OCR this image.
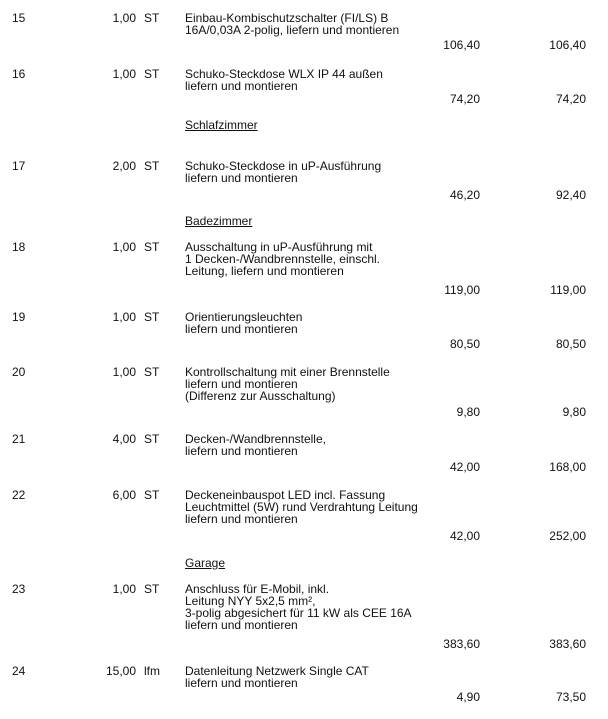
15	1,00 ST Einbau-Kombischutzschalter (FI/LS) B
16A/0,03A 2-polig, liefern und montieren
106,40	106,40
16	1,00 ST Schuko-Steckdose WLX IP 44 außen
liefern und montieren
74,20	74,20
17	2,00 ST Schuko-Steckdose in uP-Ausführung
liefern und montieren
46,20	92,40
18	1,00 ST Ausschaltung in uP-Ausführung mit
1 Decken-/Wandbrennstelle, einschl.
Leitung, liefern und montieren
119,00	119,00
19	1,00 ST Orientierungsleuchten
liefern und montieren
80,50	80,50
20	1,00 ST Kontrollschaltung mit einer Brennstelle
liefern und montieren
(Differenz zur Ausschaltung)
9,80	9,80
21	4,00 ST Decken-/Wandbrennstelle,
liefern und montieren
42,00	168,00
22	6,00 ST Deckeneinbauspot LED incl. Fassung
Leuchtmittel (5W) rund Verdrahtung Leitung
liefern und montieren
42,00	252,00
23	1,00 ST Anschluss für E-Mobil, inkl.
Leitung NYY 5x2,5 mm²,
3-polig abgesichert für 11 kW als CEE 16A
liefern und montieren
383,60	383,60
24	15,00 lfm Datenleitung Netzwerk Single CAT
liefern und montieren
4,90	73,50
Schlafzimmer
Badezimmer
Garage
